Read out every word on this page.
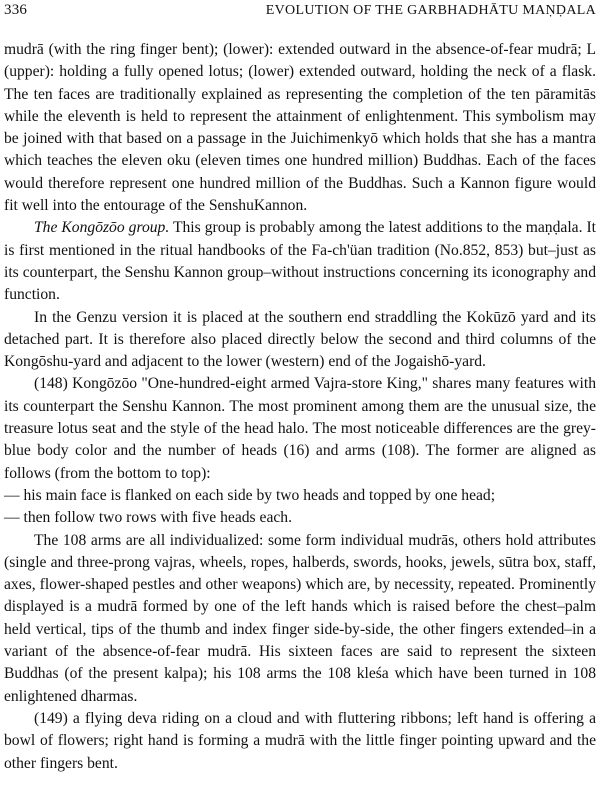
336	EVOLUTION OF THE GARBHADHĀTU MAṆḌALA

mudrā (with the ring finger bent); (lower): extended outward in the absence-of-fear mudrā; L (upper): holding a fully opened lotus; (lower) extended outward, holding the neck of a flask. The ten faces are traditionally explained as representing the completion of the ten pāramitās while the eleventh is held to represent the attainment of enlightenment. This symbolism may be joined with that based on a passage in the Juichimenkyō which holds that she has a mantra which teaches the eleven oku (eleven times one hundred million) Buddhas. Each of the faces would therefore represent one hundred million of the Buddhas. Such a Kannon figure would fit well into the entourage of the SenshuKannon.

The Kongōzōo group. This group is probably among the latest additions to the maṇḍala. It is first mentioned in the ritual handbooks of the Fa-ch'üan tradition (No.852, 853) but–just as its counterpart, the Senshu Kannon group–without instructions concerning its iconography and function.

In the Genzu version it is placed at the southern end straddling the Kokūzō yard and its detached part. It is therefore also placed directly below the second and third columns of the Kongōshu-yard and adjacent to the lower (western) end of the Jogaishō-yard.

(148) Kongōzōo "One-hundred-eight armed Vajra-store King," shares many features with its counterpart the Senshu Kannon. The most prominent among them are the unusual size, the treasure lotus seat and the style of the head halo. The most noticeable differences are the grey-blue body color and the number of heads (16) and arms (108). The former are aligned as follows (from the bottom to top):

— his main face is flanked on each side by two heads and topped by one head;

— then follow two rows with five heads each.

The 108 arms are all individualized: some form individual mudrās, others hold attributes (single and three-prong vajras, wheels, ropes, halberds, swords, hooks, jewels, sūtra box, staff, axes, flower-shaped pestles and other weapons) which are, by necessity, repeated. Prominently displayed is a mudrā formed by one of the left hands which is raised before the chest–palm held vertical, tips of the thumb and index finger side-by-side, the other fingers extended–in a variant of the absence-of-fear mudrā. His sixteen faces are said to represent the sixteen Buddhas (of the present kalpa); his 108 arms the 108 kleśa which have been turned in 108 enlightened dharmas.

(149) a flying deva riding on a cloud and with fluttering ribbons; left hand is offering a bowl of flowers; right hand is forming a mudrā with the little finger pointing upward and the other fingers bent.
